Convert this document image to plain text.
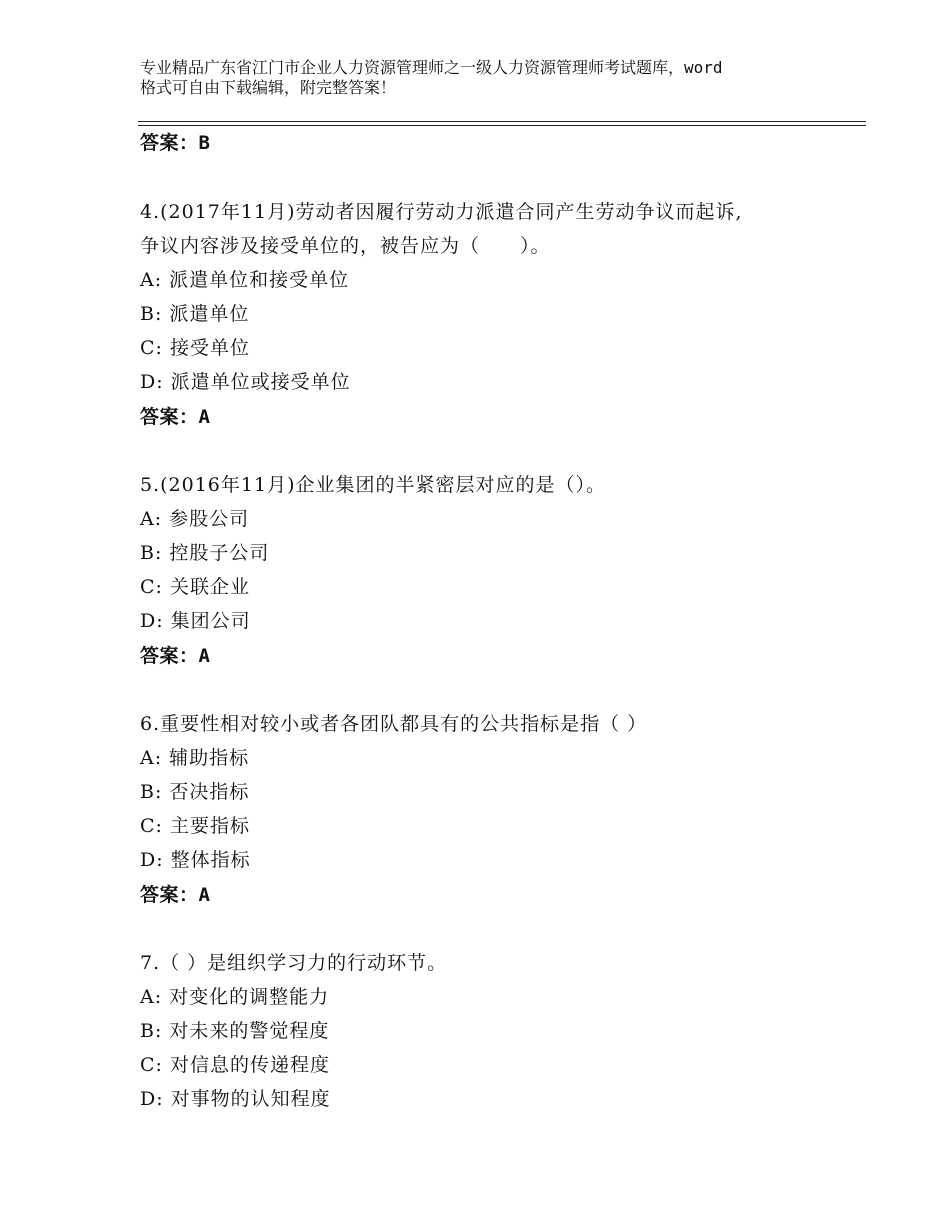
专业精品广东省江门市企业人力资源管理师之一级人力资源管理师考试题库，word
格式可自由下载编辑，附完整答案！
答案：B
4.(2017年11月)劳动者因履行劳动力派遣合同产生劳动争议而起诉,
争议内容涉及接受单位的，被告应为（　　）。
A: 派遣单位和接受单位
B: 派遣单位
C: 接受单位
D: 派遣单位或接受单位
答案：A
5.(2016年11月)企业集团的半紧密层对应的是（）。
A: 参股公司
B: 控股子公司
C: 关联企业
D: 集团公司
答案：A
6.重要性相对较小或者各团队都具有的公共指标是指（ ）
A: 辅助指标
B: 否决指标
C: 主要指标
D: 整体指标
答案：A
7.（ ）是组织学习力的行动环节。
A: 对变化的调整能力
B: 对未来的警觉程度
C: 对信息的传递程度
D: 对事物的认知程度
